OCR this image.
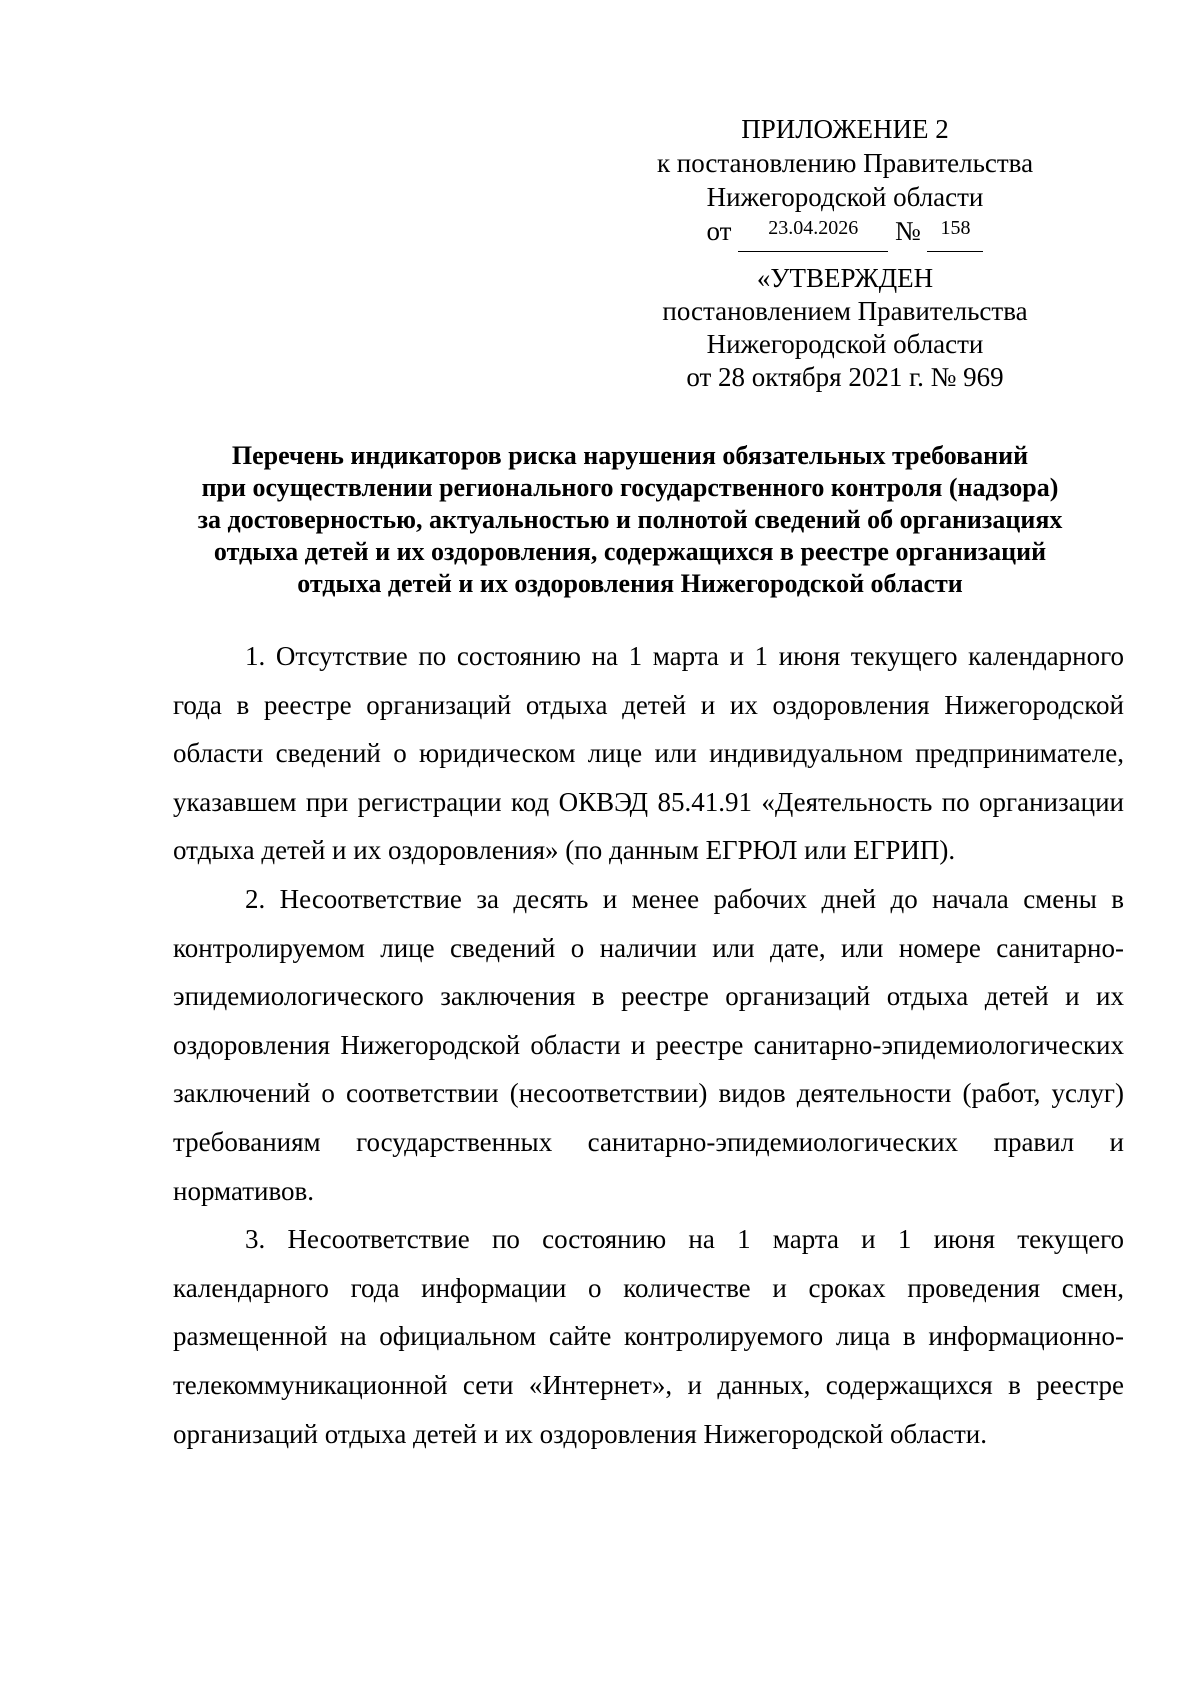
ПРИЛОЖЕНИЕ 2
к постановлению Правительства
Нижегородской области
от $^{23.04.2026}$ № $^{158}$
«УТВЕРЖДЕН
постановлением Правительства
Нижегородской области
от 28 октября 2021 г. № 969
Перечень индикаторов риска нарушения обязательных требований
при осуществлении регионального государственного контроля (надзора)
за достоверностью, актуальностью и полнотой сведений об организациях
отдыха детей и их оздоровления, содержащихся в реестре организаций
отдыха детей и их оздоровления Нижегородской области

1. Отсутствие по состоянию на 1 марта и 1 июня текущего календарного года в реестре организаций отдыха детей и их оздоровления Нижегородской области сведений о юридическом лице или индивидуальном предпринимателе, указавшем при регистрации код ОКВЭД 85.41.91 «Деятельность по организации отдыха детей и их оздоровления» (по данным ЕГРЮЛ или ЕГРИП).

2. Несоответствие за десять и менее рабочих дней до начала смены в контролируемом лице сведений о наличии или дате, или номере санитарно-эпидемиологического заключения в реестре организаций отдыха детей и их оздоровления Нижегородской области и реестре санитарно-эпидемиологических заключений о соответствии (несоответствии) видов деятельности (работ, услуг) требованиям государственных санитарно-эпидемиологических правил и нормативов.

3. Несоответствие по состоянию на 1 марта и 1 июня текущего календарного года информации о количестве и сроках проведения смен, размещенной на официальном сайте контролируемого лица в информационно-телекоммуникационной сети «Интернет», и данных, содержащихся в реестре организаций отдыха детей и их оздоровления Нижегородской области.
